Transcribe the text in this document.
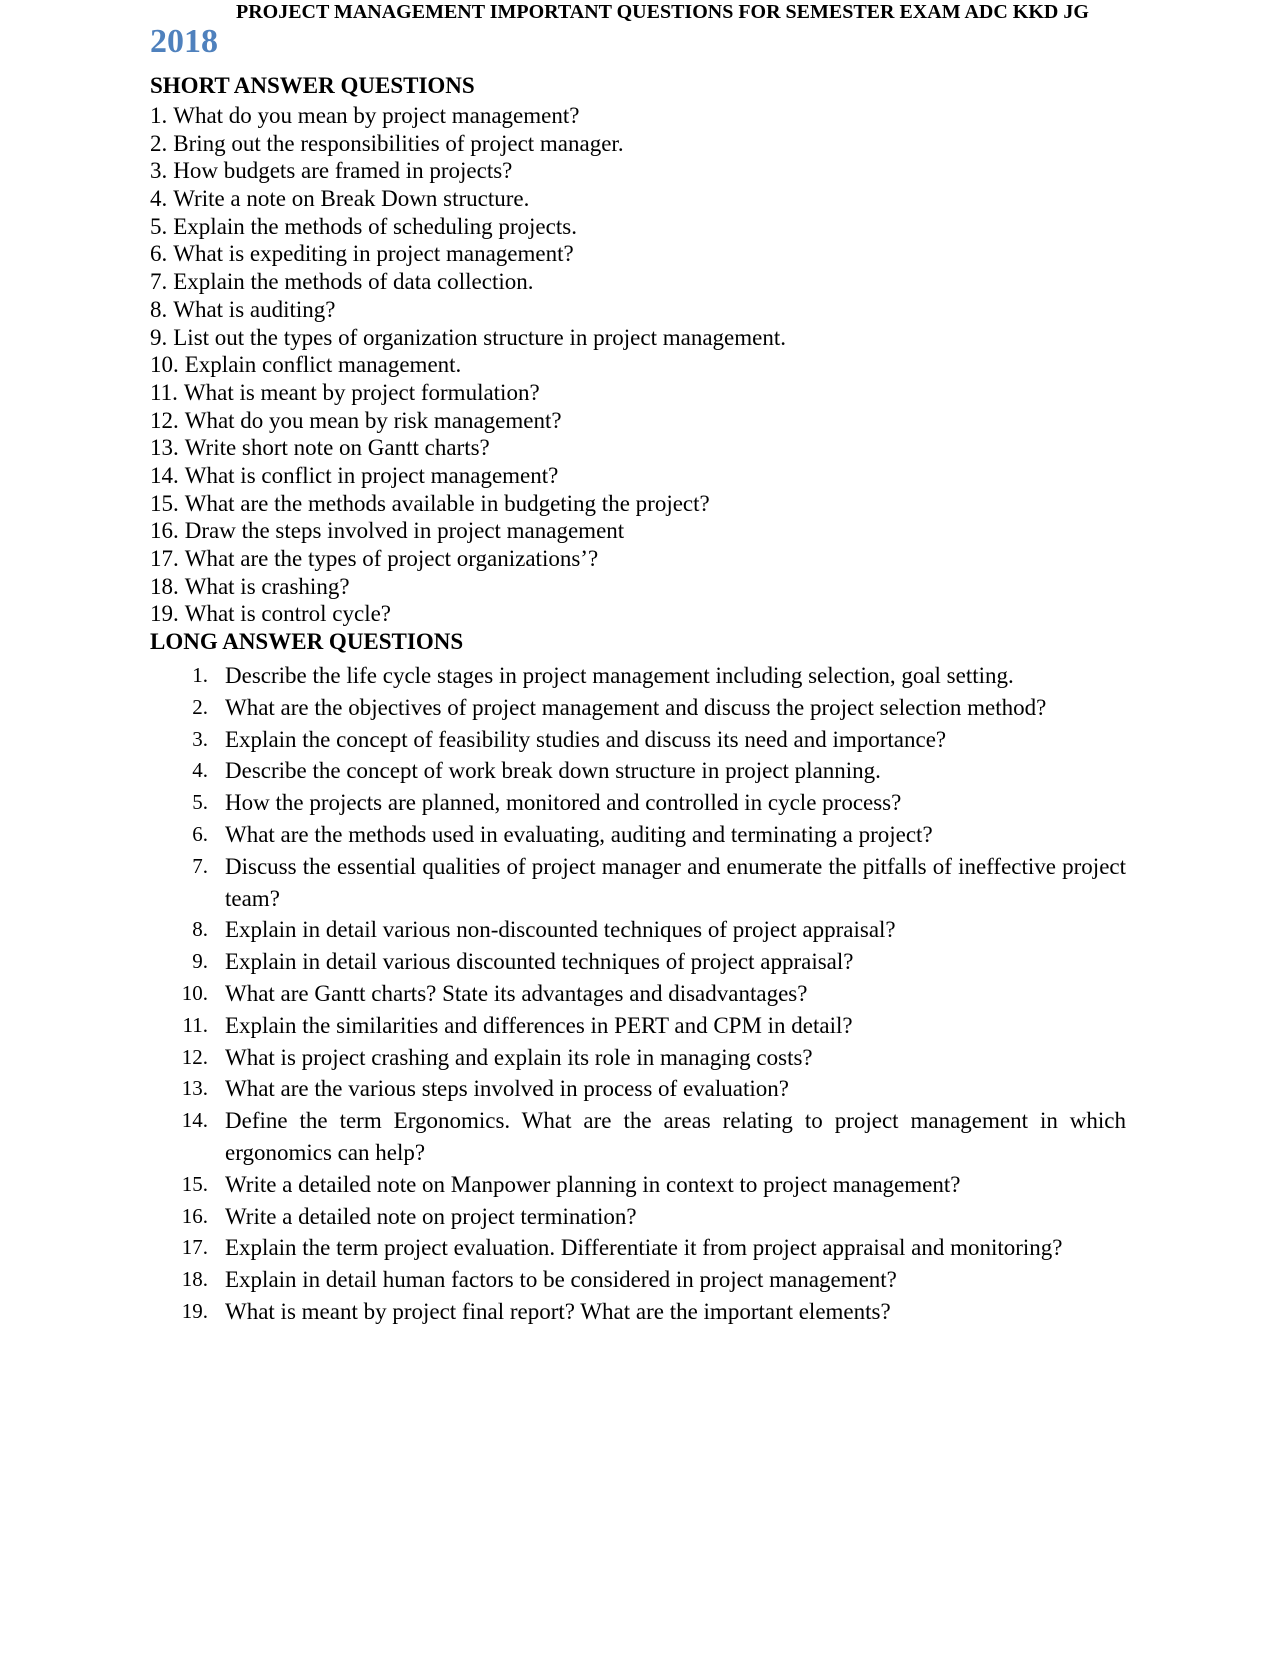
PROJECT MANAGEMENT IMPORTANT QUESTIONS FOR SEMESTER EXAM ADC KKD JG
2018
SHORT ANSWER QUESTIONS
1. What do you mean by project management?
2. Bring out the responsibilities of project manager.
3. How budgets are framed in projects?
4. Write a note on Break Down structure.
5. Explain the methods of scheduling projects.
6. What is expediting in project management?
7. Explain the methods of data collection.
8. What is auditing?
9. List out the types of organization structure in project management.
10. Explain conflict management.
11. What is meant by project formulation?
12. What do you mean by risk management?
13. Write short note on Gantt charts?
14. What is conflict in project management?
15. What are the methods available in budgeting the project?
16. Draw the steps involved in project management
17. What are the types of project organizations’?
18. What is crashing?
19. What is control cycle?
LONG ANSWER QUESTIONS
1. Describe the life cycle stages in project management including selection, goal setting.
2. What are the objectives of project management and discuss the project selection method?
3. Explain the concept of feasibility studies and discuss its need and importance?
4. Describe the concept of work break down structure in project planning.
5. How the projects are planned, monitored and controlled in cycle process?
6. What are the methods used in evaluating, auditing and terminating a project?
7. Discuss the essential qualities of project manager and enumerate the pitfalls of ineffective project team?
8. Explain in detail various non-discounted techniques of project appraisal?
9. Explain in detail various discounted techniques of project appraisal?
10. What are Gantt charts? State its advantages and disadvantages?
11. Explain the similarities and differences in PERT and CPM in detail?
12. What is project crashing and explain its role in managing costs?
13. What are the various steps involved in process of evaluation?
14. Define the term Ergonomics. What are the areas relating to project management in which ergonomics can help?
15. Write a detailed note on Manpower planning in context to project management?
16. Write a detailed note on project termination?
17. Explain the term project evaluation. Differentiate it from project appraisal and monitoring?
18. Explain in detail human factors to be considered in project management?
19. What is meant by project final report? What are the important elements?
